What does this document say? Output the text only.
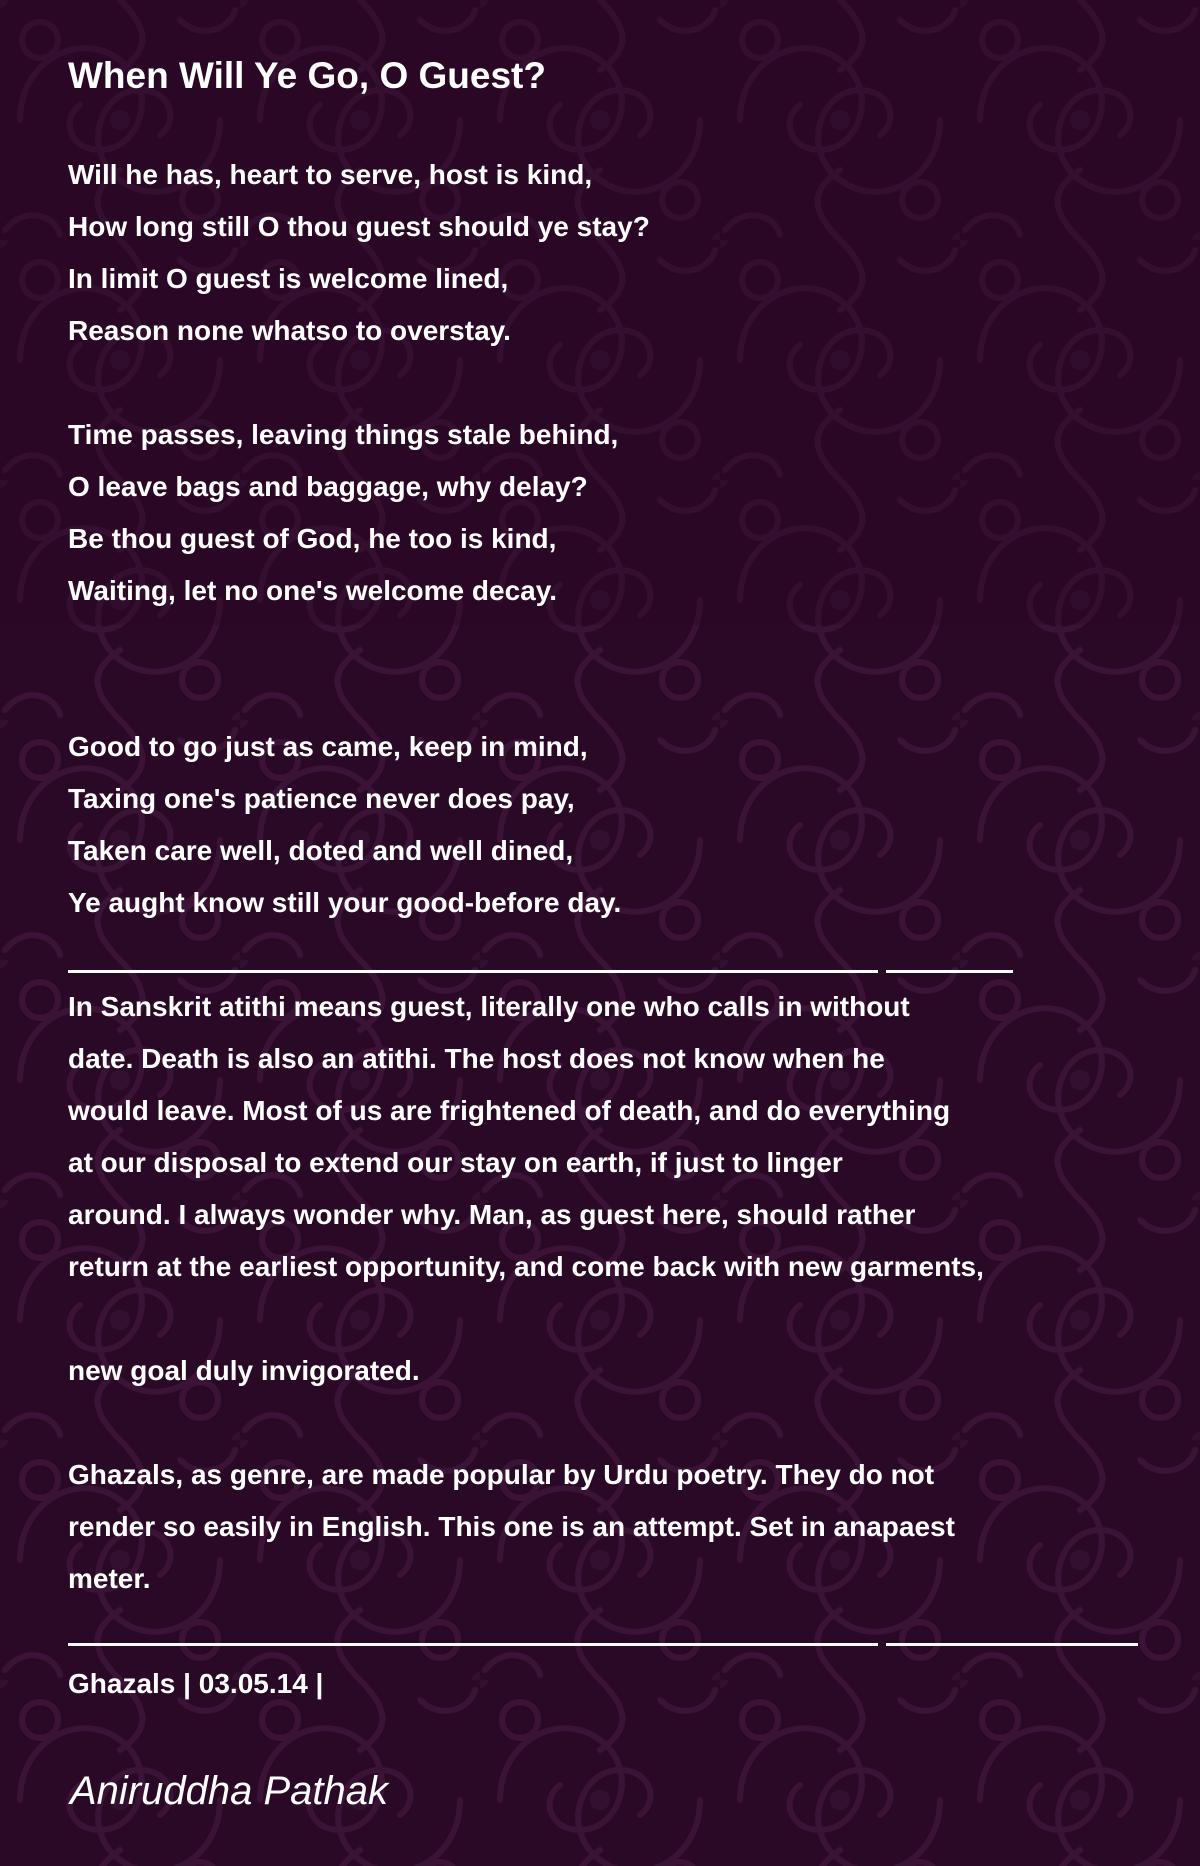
When Will Ye Go, O Guest?

Will he has, heart to serve, host is kind,

How long still O thou guest should ye stay?

In limit O guest is welcome lined,

Reason none whatso to overstay.

Time passes, leaving things stale behind,

O leave bags and baggage, why delay?

Be thou guest of God, he too is kind,

Waiting, let no one's welcome decay.

Good to go just as came, keep in mind,

Taxing one's patience never does pay,

Taken care well, doted and well dined,

Ye aught know still your good-before day.

In Sanskrit atithi means guest, literally one who calls in without

date. Death is also an atithi. The host does not know when he

would leave. Most of us are frightened of death, and do everything

at our disposal to extend our stay on earth, if just to linger

around. I always wonder why. Man, as guest here, should rather

return at the earliest opportunity, and come back with new garments,

new goal duly invigorated.

Ghazals, as genre, are made popular by Urdu poetry. They do not

render so easily in English. This one is an attempt. Set in anapaest

meter.

Ghazals | 03.05.14 |

Aniruddha Pathak
